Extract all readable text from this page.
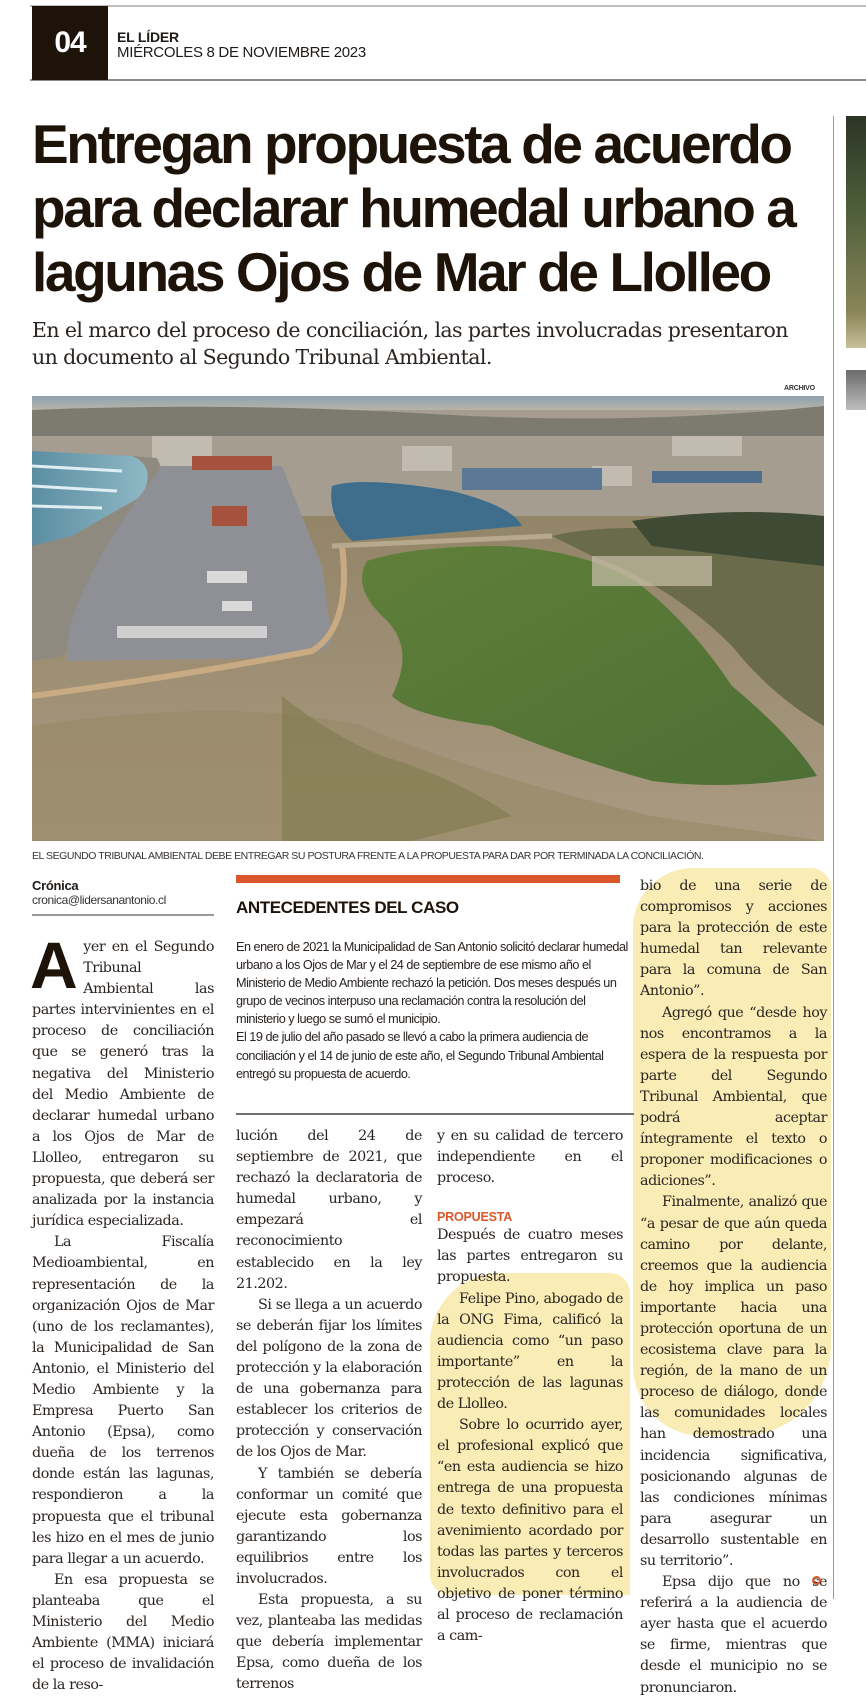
04	EL LÍDER
MIÉRCOLES 8 DE NOVIEMBRE 2023
Entregan propuesta de acuerdo para declarar humedal urbano a lagunas Ojos de Mar de Llolleo
En el marco del proceso de conciliación, las partes involucradas presentaron un documento al Segundo Tribunal Ambiental.
ARCHIVO
EL SEGUNDO TRIBUNAL AMBIENTAL DEBE ENTREGAR SU POSTURA FRENTE A LA PROPUESTA PARA DAR POR TERMINADA LA CONCILIACIÓN.
Crónica
cronica@lidersanantonio.cl

Ayer en el Segundo Tribunal Ambiental las partes intervinientes en el proceso de conciliación que se generó tras la negativa del Ministerio del Medio Ambiente de declarar humedal urbano a los Ojos de Mar de Llolleo, entregaron su propuesta, que deberá ser analizada por la instancia jurídica especializada.

La Fiscalía Medioambiental, en representación de la organización Ojos de Mar (uno de los reclamantes), la Municipalidad de San Antonio, el Ministerio del Medio Ambiente y la Empresa Puerto San Antonio (Epsa), como dueña de los terrenos donde están las lagunas, respondieron a la propuesta que el tribunal les hizo en el mes de junio para llegar a un acuerdo.

En esa propuesta se planteaba que el Ministerio del Medio Ambiente (MMA) iniciará el proceso de invalidación de la reso-

ANTECEDENTES DEL CASO
En enero de 2021 la Municipalidad de San Antonio solicitó declarar humedal urbano a los Ojos de Mar y el 24 de septiembre de ese mismo año el Ministerio de Medio Ambiente rechazó la petición. Dos meses después un grupo de vecinos interpuso una reclamación contra la resolución del ministerio y luego se sumó el municipio.
El 19 de julio del año pasado se llevó a cabo la primera audiencia de conciliación y el 14 de junio de este año, el Segundo Tribunal Ambiental entregó su propuesta de acuerdo.

lución del 24 de septiembre de 2021, que rechazó la declaratoria de humedal urbano, y empezará el reconocimiento establecido en la ley 21.202.

Si se llega a un acuerdo se deberán fijar los límites del polígono de la zona de protección y la elaboración de una gobernanza para establecer los criterios de protección y conservación de los Ojos de Mar.

Y también se debería conformar un comité que ejecute esta gobernanza garantizando los equilibrios entre los involucrados.

Esta propuesta, a su vez, planteaba las medidas que debería implementar Epsa, como dueña de los terrenos

y en su calidad de tercero independiente en el proceso.

PROPUESTA

Después de cuatro meses las partes entregaron su propuesta.

Felipe Pino, abogado de la ONG Fima, calificó la audiencia como “un paso importante” en la protección de las lagunas de Llolleo.

Sobre lo ocurrido ayer, el profesional explicó que “en esta audiencia se hizo entrega de una propuesta de texto definitivo para el avenimiento acordado por todas las partes y terceros involucrados con el objetivo de poner término al proceso de reclamación a cam-

bio de una serie de compromisos y acciones para la protección de este humedal tan relevante para la comuna de San Antonio”.

Agregó que “desde hoy nos encontramos a la espera de la respuesta por parte del Segundo Tribunal Ambiental, que podrá aceptar íntegramente el texto o proponer modificaciones o adiciones”.

Finalmente, analizó que “a pesar de que aún queda camino por delante, creemos que la audiencia de hoy implica un paso importante hacia una protección oportuna de un ecosistema clave para la región, de la mano de un proceso de diálogo, donde las comunidades locales han demostrado una incidencia significativa, posicionando algunas de las condiciones mínimas para asegurar un desarrollo sustentable en su territorio”.

Epsa dijo que no se referirá a la audiencia de ayer hasta que el acuerdo se firme, mientras que desde el municipio no se pronunciaron.
